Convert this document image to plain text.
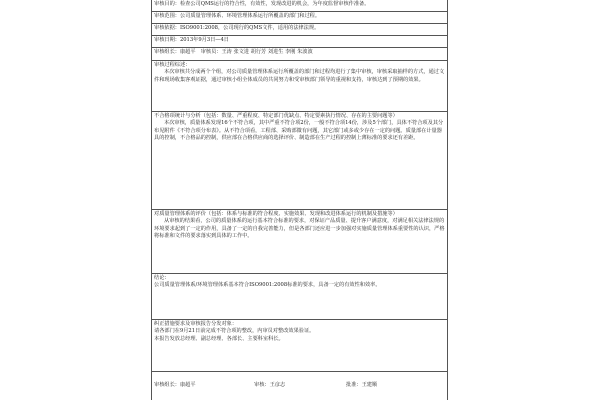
审核目的：检查公司QMS运行的符合性，有效性，发现改进的机会，为年度监督审核作准备。
审核范围：公司质量管理体系、环境管理体系运行所覆盖的部门和过程。
审核依据：ISO9001:2008，公司现行的QMS文件，适用的法律法规。
审核日期：2013年9月3日—4日
审核组长：康超平　审核员：王涛 张文进 胡行芳 刘进生 李刚 朱波波
审核过程综述：

本次审核共分成两个个组，对公司质量管理体系运行所覆盖的部门和过程均进行了集中审核，审核采取抽样的方式，通过文件和现场收集客观证据，通过审核小组全体成员的共同努力和受审核部门领导的重视和支持，审核达到了预期的效果。

不合格项统计与分析（包括：数量、严重程度、特定部门优缺点、特定要素执行情况、存在的主要问题等）

本次审核，质量体系发现16个不符合项，其中严重不符合项2份，一般不符合项14份，涉及5个部门，具体不符合项及其分布见附件《不符合项分布表》。从不符合项看，工程部、采购部微有问题，其它部门或多或少存在一定的问题。质量部在计量器具的控制，不合格品的控制，供应部在合格供应商的选择评价、制造部在生产过程的控制上薄标准的要求还有差距。

对质量管理体系的评价（包括：体系与标准的符合程度、实施效果、发现和改进体系运行的机制及措施等）

从审核的结果看，公司的质量体系的运行基本符合标准的要求，对保证产品质量、提升客户满意度，对满足相关法律法规的环境要求起到了一定的作用，具备了一定的自我完善能力，但是各部门还应进一步加强对实施质量管理体系重要性的认识，严格将标准和文件的要求落实到具体的工作中。

结论：
公司质量管理体系/环境管理体系基本符合ISO9001:2008标准的要求，具备一定的有效性和效率。
纠正措施要求及审核报告分发对象：
请各部门在9月21日前完成不符合项的整改，内审员对整改效果验证。
本报告发放总经理、副总经理、各部长、主要科室科长。
审核组长：康超平	审核：王彦志	批准：王建顺
